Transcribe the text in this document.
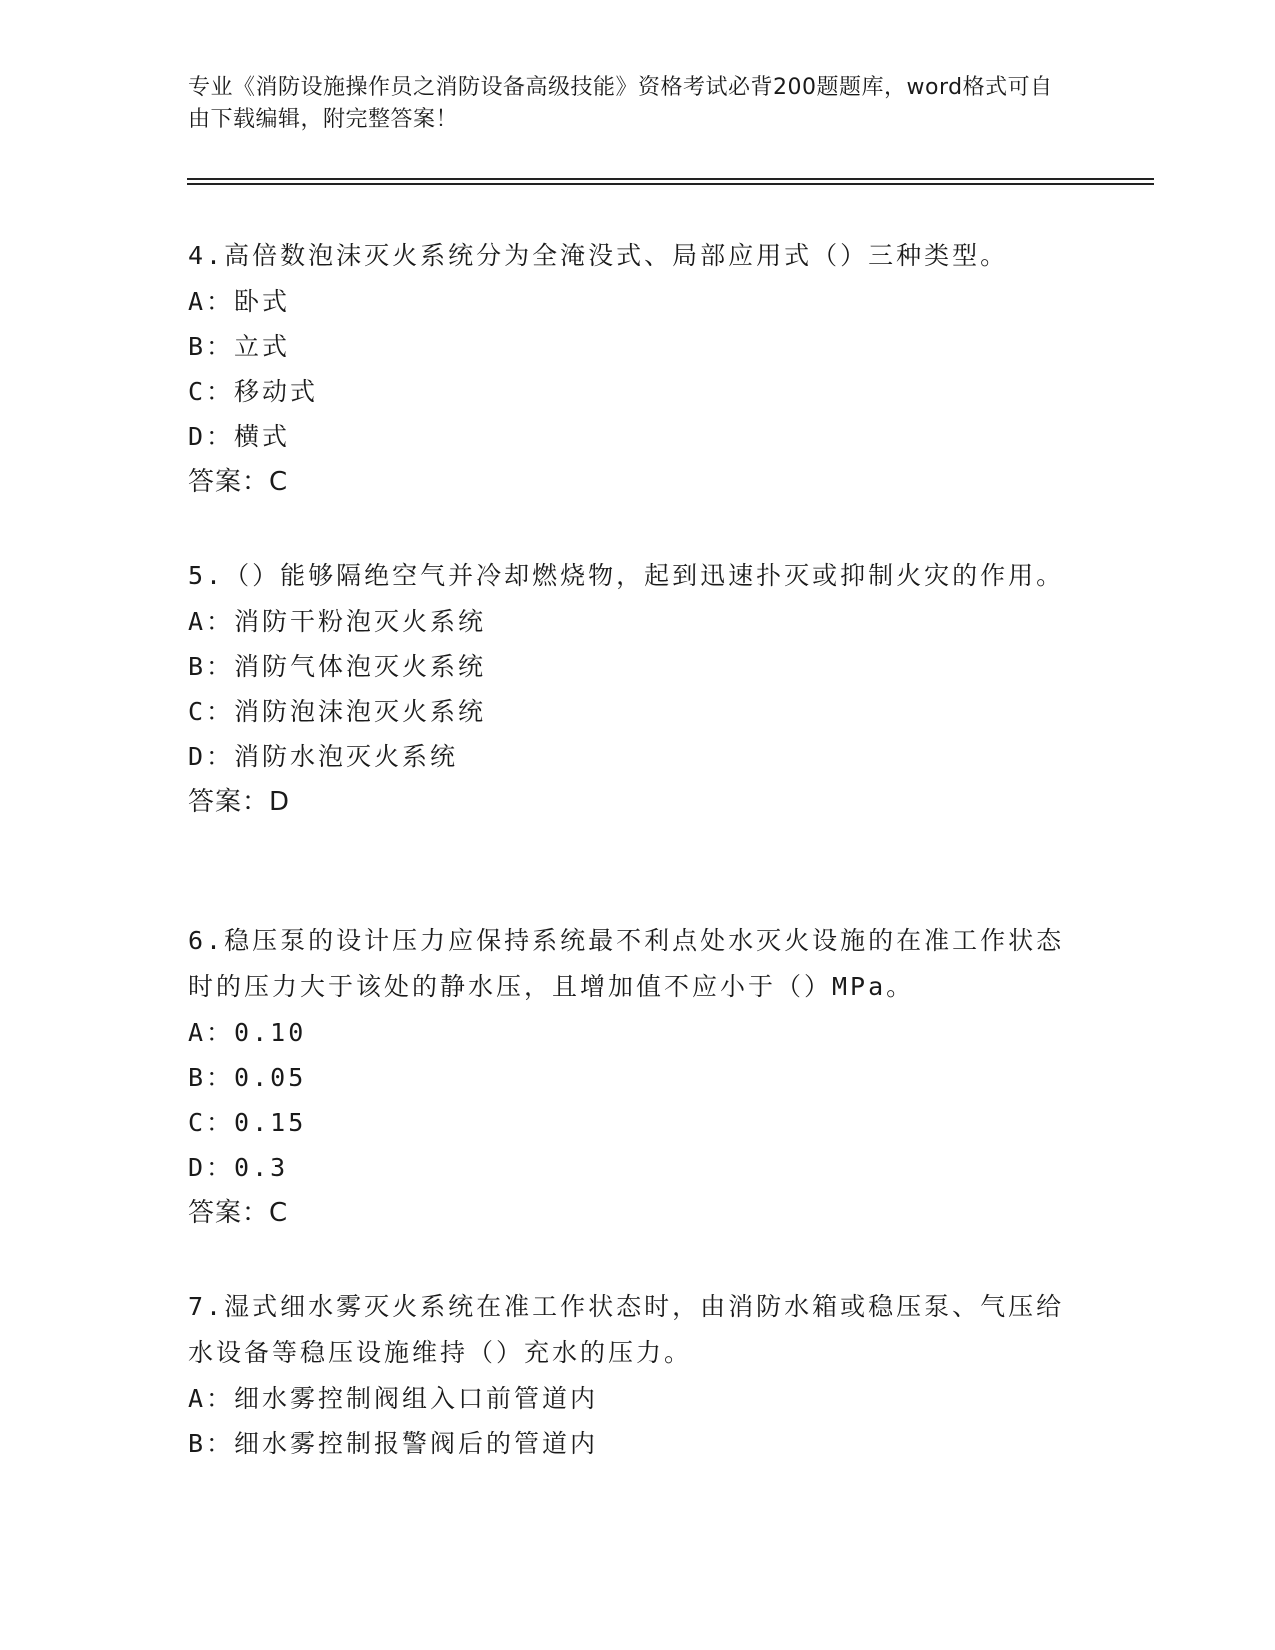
专业《消防设施操作员之消防设备高级技能》资格考试必背200题题库，word格式可自由下载编辑，附完整答案！

4.高倍数泡沫灭火系统分为全淹没式、局部应用式（）三种类型。

A：卧式

B：立式

C：移动式

D：横式

答案：C

5.（）能够隔绝空气并冷却燃烧物，起到迅速扑灭或抑制火灾的作用。

A：消防干粉泡灭火系统

B：消防气体泡灭火系统

C：消防泡沫泡灭火系统

D：消防水泡灭火系统

答案：D

6.稳压泵的设计压力应保持系统最不利点处水灭火设施的在准工作状态时的压力大于该处的静水压，且增加值不应小于（）MPa。

A：0.10

B：0.05

C：0.15

D：0.3

答案：C

7.湿式细水雾灭火系统在准工作状态时，由消防水箱或稳压泵、气压给水设备等稳压设施维持（）充水的压力。

A：细水雾控制阀组入口前管道内

B：细水雾控制报警阀后的管道内
